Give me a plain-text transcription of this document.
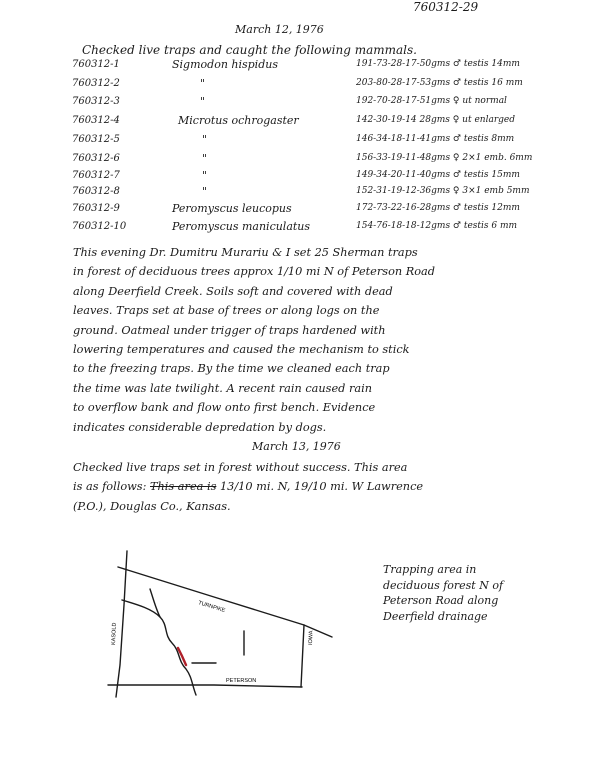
760312-29
March 12, 1976
Checked live traps and caught the following mammals.
760312-1	Sigmodon hispidus	191-73-28-17-50gms ♂ testis 14mm
760312-2	"	203-80-28-17-53gms ♂ testis 16 mm
760312-3	"	192-70-28-17-51gms ♀ ut normal
760312-4	Microtus ochrogaster	142-30-19-14 28gms ♀ ut enlarged
760312-5	"	146-34-18-11-41gms ♂ testis 8mm
760312-6	"	156-33-19-11-48gms ♀ 2×1 emb. 6mm
760312-7	"	149-34-20-11-40gms ♂ testis 15mm
760312-8	"	152-31-19-12-36gms ♀ 3×1 emb 5mm
760312-9	Peromyscus leucopus	172-73-22-16-28gms ♂ testis 12mm
760312-10	Peromyscus maniculatus	154-76-18-18-12gms ♂ testis 6 mm
This evening Dr. Dumitru Murariu & I set 25 Sherman traps
in forest of deciduous trees approx 1/10 mi N of Peterson Road
along Deerfield Creek. Soils soft and covered with dead
leaves. Traps set at base of trees or along logs on the
ground. Oatmeal under trigger of traps hardened with
lowering temperatures and caused the mechanism to stick
to the freezing traps. By the time we cleaned each trap
the time was late twilight. A recent rain caused rain
to overflow bank and flow onto first bench. Evidence
indicates considerable depredation by dogs.
March 13, 1976
Checked live traps set in forest without success. This area
is as follows: This area is 13/10 mi. N, 19/10 mi. W Lawrence
(P.O.), Douglas Co., Kansas.
TURNPIKE
KASOLD	IOWA
PETERSON
Trapping area in
deciduous forest N of
Peterson Road along
Deerfield drainage
